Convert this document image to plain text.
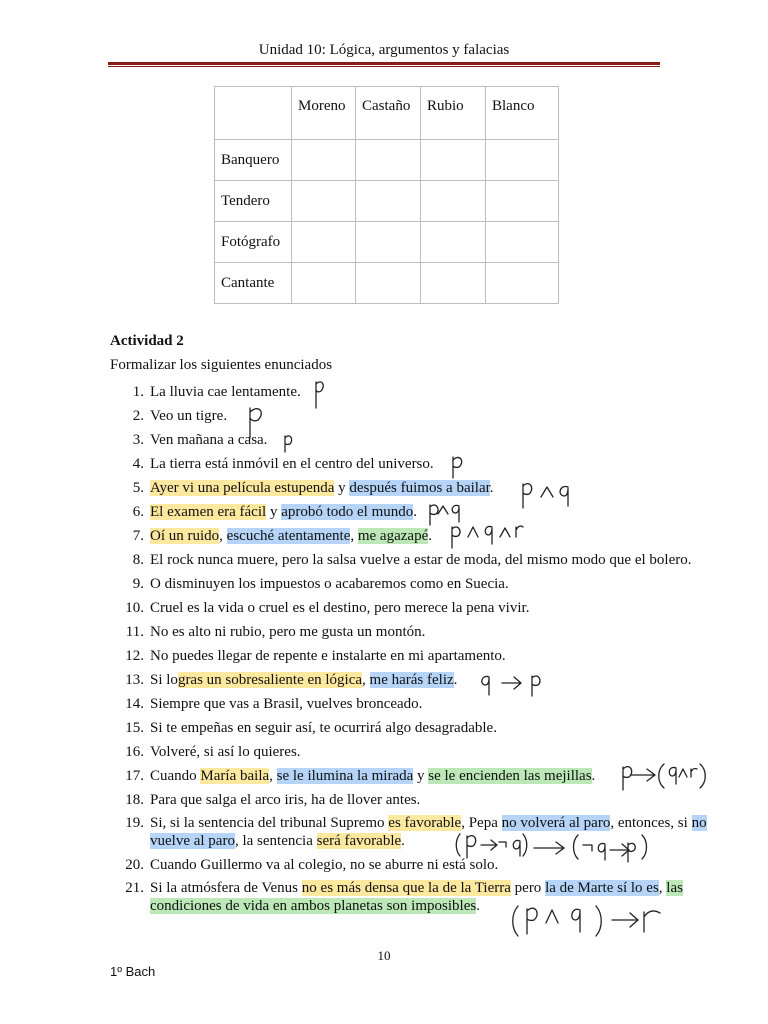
Unidad 10: Lógica, argumentos y falacias
	Moreno	Castaño	Rubio	Blanco
Banquero				
Tendero				
Fotógrafo				
Cantante				
Actividad 2
Formalizar los siguientes enunciados
1. La lluvia cae lentamente.
2. Veo un tigre.
3. Ven mañana a casa.
4. La tierra está inmóvil en el centro del universo.
5. Ayer vi una película estupenda y después fuimos a bailar.
6. El examen era fácil y aprobó todo el mundo.
7. Oí un ruido, escuché atentamente, me agazapé.
8. El rock nunca muere, pero la salsa vuelve a estar de moda, del mismo modo que el bolero.
9. O disminuyen los impuestos o acabaremos como en Suecia.
10. Cruel es la vida o cruel es el destino, pero merece la pena vivir.
11. No es alto ni rubio, pero me gusta un montón.
12. No puedes llegar de repente e instalarte en mi apartamento.
13. Si logras un sobresaliente en lógica, me harás feliz.
14. Siempre que vas a Brasil, vuelves bronceado.
15. Si te empeñas en seguir así, te ocurrirá algo desagradable.
16. Volveré, si así lo quieres.
17. Cuando María baila, se le ilumina la mirada y se le encienden las mejillas.
18. Para que salga el arco iris, ha de llover antes.
19. Si, si la sentencia del tribunal Supremo es favorable, Pepa no volverá al paro, entonces, si no vuelve al paro, la sentencia será favorable.
20. Cuando Guillermo va al colegio, no se aburre ni está solo.
21. Si la atmósfera de Venus no es más densa que la de la Tierra pero la de Marte sí lo es, las condiciones de vida en ambos planetas son imposibles.
10
1º Bach
